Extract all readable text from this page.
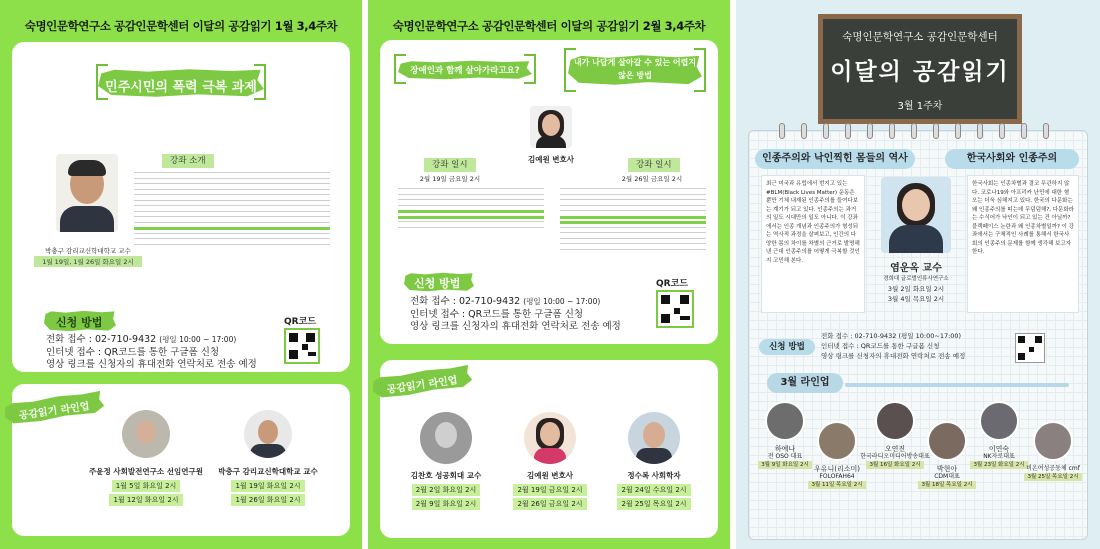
숙명인문학연구소 공감인문학센터 이달의 공감읽기 1월 3,4주차
민주시민의 폭력 극복 과제
박충구 감리교신학대학교 교수
1월 19일, 1월 26일 화요일 2시
강좌 소개
신청 방법
전화 접수 : 02-710-9432 (평일 10:00 ~ 17:00)
인터넷 접수 : QR코드를 통한 구글폼 신청
영상 링크를 신청자의 휴대전화 연락처로 전송 예정
QR코드
공감읽기 라인업
주윤정 사회발전연구소 선임연구원
1월 5일 화요일 2시
1월 12일 화요일 2시
박충구 감리교신학대학교 교수
1월 19일 화요일 2시
1월 26일 화요일 2시
숙명인문학연구소 공감인문학센터 이달의 공감읽기 2월 3,4주차
장애인과 함께 살아가라고요?
내가 나답게 살아갈 수 있는 어렵지 않은 방법
김예원 변호사
강좌 일시
2월 19일 금요일 2시
강좌 일시
2월 26일 금요일 2시
신청 방법
전화 접수 : 02-710-9432 (평일 10:00 ~ 17:00)
인터넷 접수 : QR코드를 통한 구글폼 신청
영상 링크를 신청자의 휴대전화 연락처로 전송 예정
QR코드
공감읽기 라인업
김찬호 성공회대 교수
2월 2일 화요일 2시
2월 9일 화요일 2시
김예원 변호사
2월 19일 금요일 2시
2월 26일 금요일 2시
정수복 사회학자
2월 24일 수요일 2시
2월 25일 목요일 2시
숙명인문학연구소 공감인문학센터
이달의 공감읽기
3월 1주차
인종주의와 낙인찍힌 몸들의 역사	한국사회와 인종주의
최근 미국과 유럽에서 번지고 있는 #BLM(Black Lives Matter) 운동은 뿐만 기체 내재된 인종주의를 들여다보는 계기가 되고 있다. 인종주의는 과거의 일도 시대만의 일도 아니다. 이 강좌에서는 인종 개념과 인종주의가 형성되는 역사적 과정을 살펴보고, 인간의 다양한 몸의 차이를 차별의 근거로 발명해낸 근대 인종주의를 어떻게 극복할 것인지 고민해 본다.
염운옥 교수
경희대 글로벌인류사연구소
3월 2일 화요일 2시
3월 4일 목요일 2시
한국사회는 인종차별과 결코 무관하지 않다. 코로나19와 아프리카 난민에 대한 혐오는 더욱 심해지고 있다. 한국의 다문화는 왜 인종주의를 띠는데 무덤덤해?, 다문화라는 수식어가 낙인이 되고 있는 건 아닐까? 블랙페이스 논란과 왜 인종차별일까? 이 강좌에서는 구체적인 사례를 통해서 한국사회의 인종주의 문제를 함께 생각해 보고자 한다.
신청 방법
전화 접수 : 02-710-9432 (평일 10:00~17:00)
인터넷 접수 : QR코드를 통한 구글폼 신청
영상 링크를 신청자의 휴대전화 연락처로 전송 예정
3월 라인업
하예나
전 OSO 대표
3월 9일 화요일 2시 우유니(리소미)
FOLOFAH64
3월 11일 목요일 2시
오연진
한국라디오미디어방송대표
3월 16일 화요일 2시	박현아
CDM대표
3월 18일 목요일 2시
이연숙
NK자로대표
3월 23일 화요일 2시 비온여성공동체 cmf
3월 25일 목요일 2시
